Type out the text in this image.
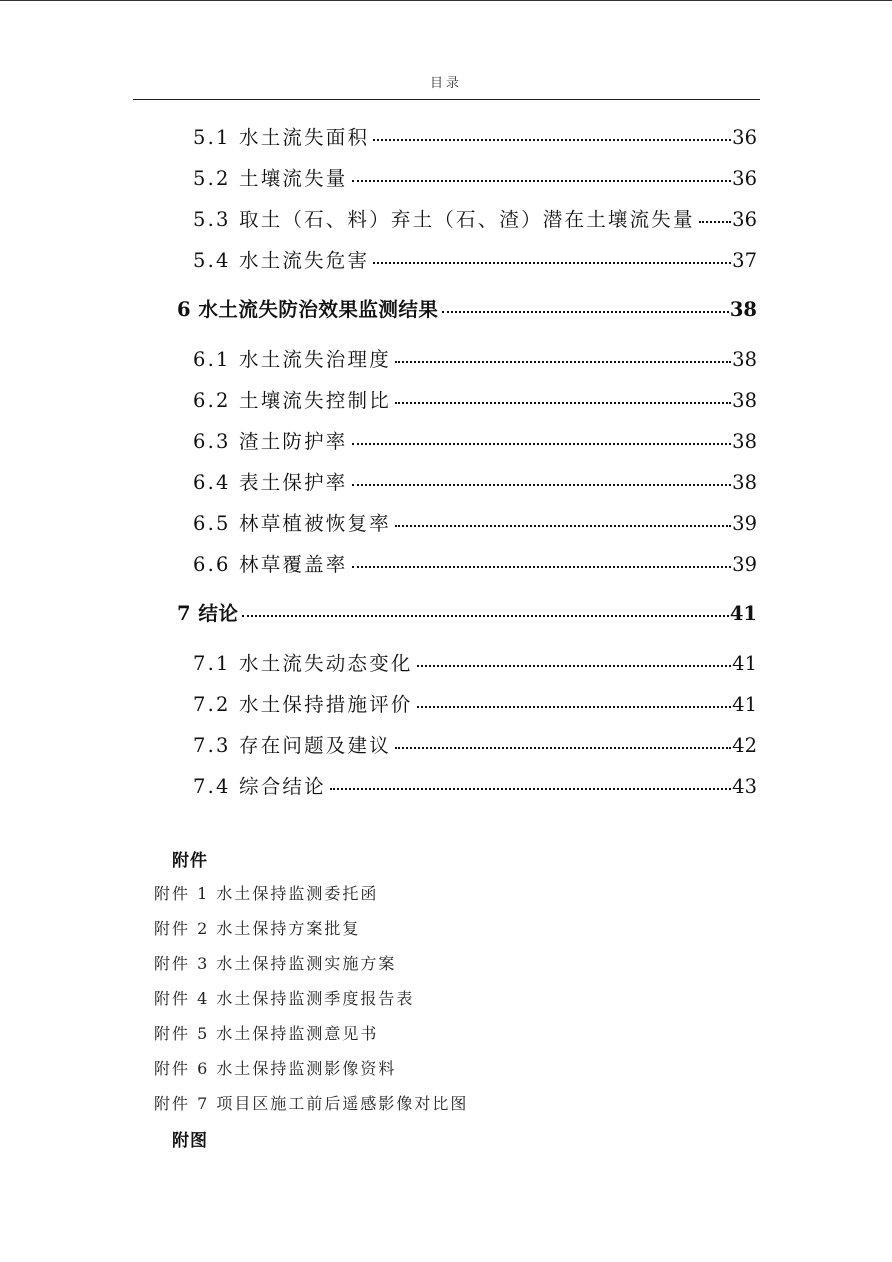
目录
5.1 水土流失面积	36
5.2 土壤流失量	36
5.3 取土（石、料）弃土（石、渣）潜在土壤流失量 36
5.4 水土流失危害	37
6 水土流失防治效果监测结果	38
6.1 水土流失治理度	38
6.2 土壤流失控制比	38
6.3 渣土防护率	38
6.4 表土保护率	38
6.5 林草植被恢复率	39
6.6 林草覆盖率	39
7 结论	41
7.1 水土流失动态变化	41
7.2 水土保持措施评价	41
7.3 存在问题及建议	42
7.4 综合结论	43
附件
附件 1 水土保持监测委托函
附件 2 水土保持方案批复
附件 3 水土保持监测实施方案
附件 4 水土保持监测季度报告表
附件 5 水土保持监测意见书
附件 6 水土保持监测影像资料
附件 7 项目区施工前后遥感影像对比图
附图
